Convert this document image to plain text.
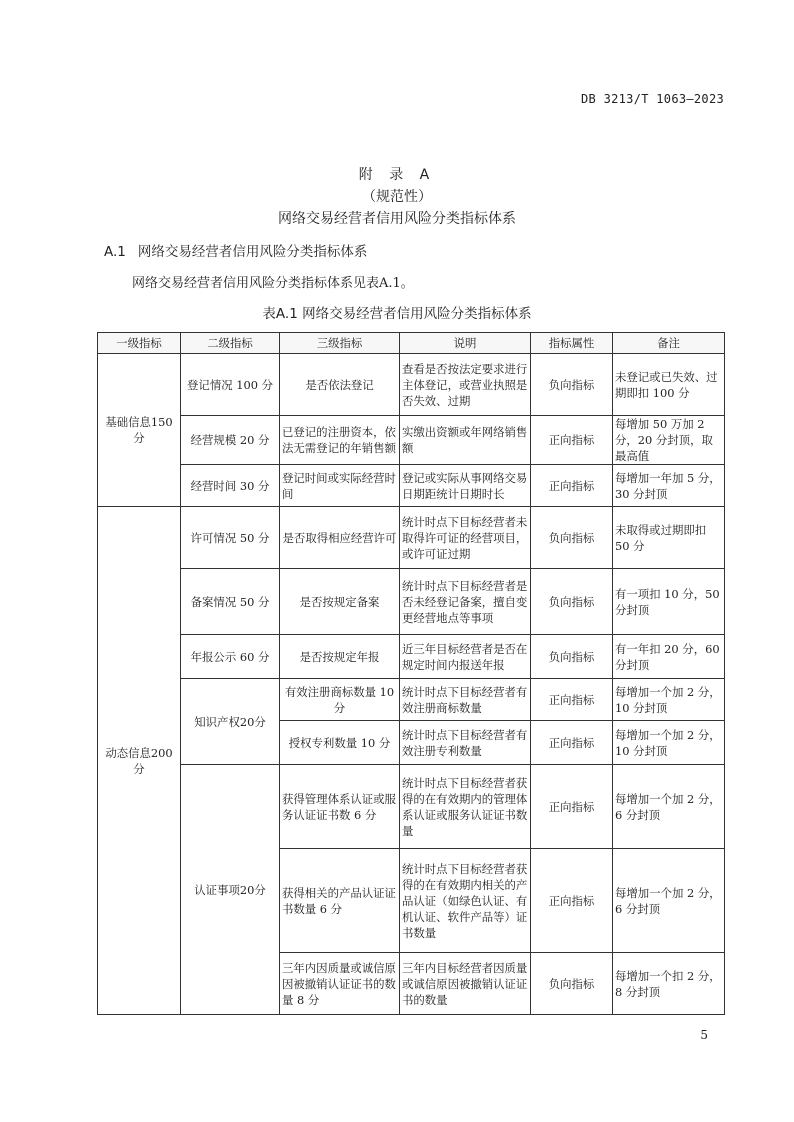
DB 3213/T 1063—2023
附 录 A
（规范性）
网络交易经营者信用风险分类指标体系
A.1 网络交易经营者信用风险分类指标体系
网络交易经营者信用风险分类指标体系见表A.1。
表A.1 网络交易经营者信用风险分类指标体系
一级指标	二级指标	三级指标	说明	指标属性	备注
基础信息150分	登记情况 100 分	是否依法登记	查看是否按法定要求进行主体登记，或营业执照是否失效、过期	负向指标	未登记或已失效、过期即扣 100 分
	经营规模 20 分	已登记的注册资本，依法无需登记的年销售额	实缴出资额或年网络销售额	正向指标	每增加 50 万加 2 分，20 分封顶，取最高值
	经营时间 30 分	登记时间或实际经营时间	登记或实际从事网络交易日期距统计日期时长	正向指标	每增加一年加 5 分，30 分封顶
动态信息200分	许可情况 50 分	是否取得相应经营许可	统计时点下目标经营者未取得许可证的经营项目，或许可证过期	负向指标	未取得或过期即扣 50 分
	备案情况 50 分	是否按规定备案	统计时点下目标经营者是否未经登记备案，擅自变更经营地点等事项	负向指标	有一项扣 10 分，50 分封顶
	年报公示 60 分	是否按规定年报	近三年目标经营者是否在规定时间内报送年报	负向指标	有一年扣 20 分，60 分封顶
	知识产权20分	有效注册商标数量 10 分	统计时点下目标经营者有效注册商标数量	正向指标	每增加一个加 2 分，10 分封顶
		授权专利数量 10 分	统计时点下目标经营者有效注册专利数量	正向指标	每增加一个加 2 分，10 分封顶
	认证事项20分	获得管理体系认证或服务认证证书数 6 分	统计时点下目标经营者获得的在有效期内的管理体系认证或服务认证证书数量	正向指标	每增加一个加 2 分，6 分封顶
		获得相关的产品认证证书数量 6 分	统计时点下目标经营者获得的在有效期内相关的产品认证（如绿色认证、有机认证、软件产品等）证书数量	正向指标	每增加一个加 2 分，6 分封顶
		三年内因质量或诚信原因被撤销认证证书的数量 8 分	三年内目标经营者因质量或诚信原因被撤销认证证书的数量	负向指标	每增加一个扣 2 分，8 分封顶
5
